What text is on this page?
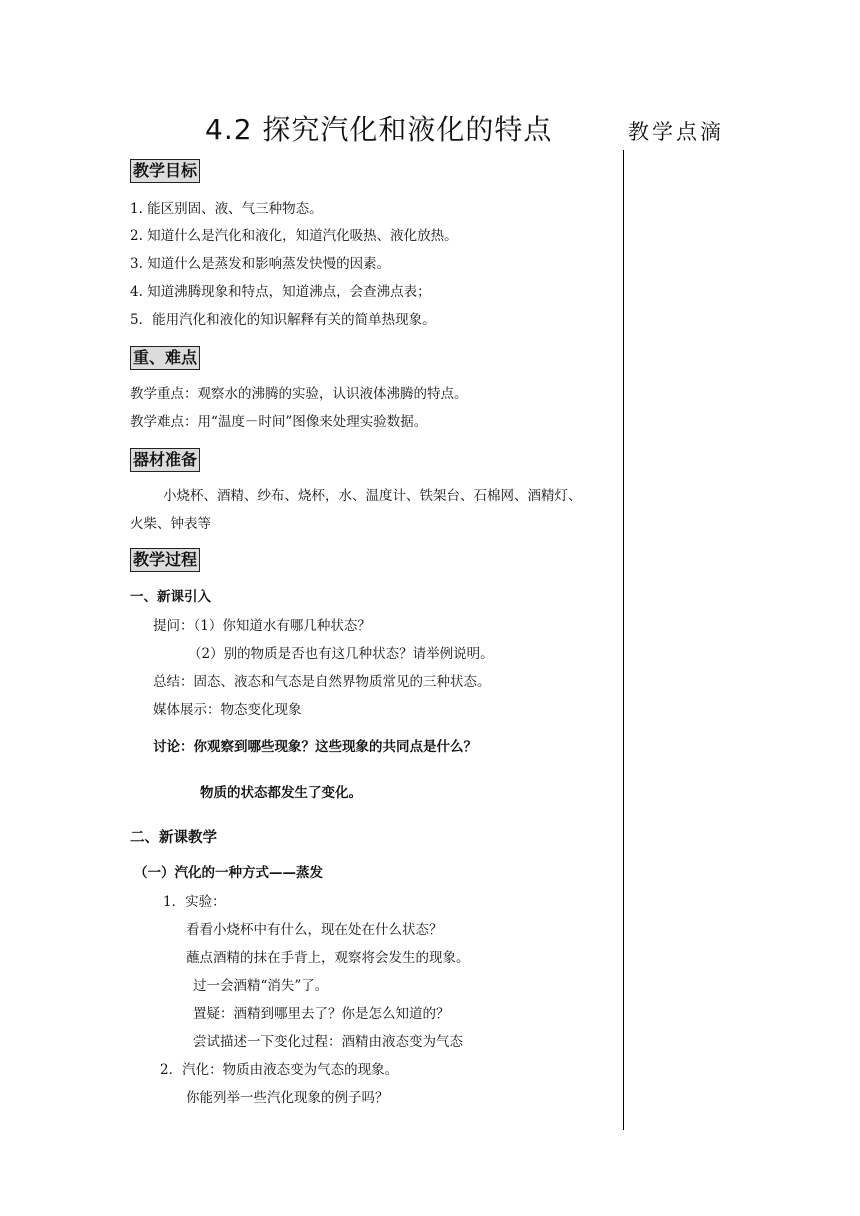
4.2 探究汽化和液化的特点	教学点滴
教学目标
1. 能区别固、液、气三种物态。
2. 知道什么是汽化和液化，知道汽化吸热、液化放热。
3. 知道什么是蒸发和影响蒸发快慢的因素。
4. 知道沸腾现象和特点，知道沸点，会查沸点表；
5．能用汽化和液化的知识解释有关的简单热现象。
重、难点
教学重点：观察水的沸腾的实验，认识液体沸腾的特点。
教学难点：用“温度－时间”图像来处理实验数据。
器材准备
小烧杯、酒精、纱布、烧杯，水、温度计、铁架台、石棉网、酒精灯、
火柴、钟表等
教学过程
一、新课引入
提问：（1）你知道水有哪几种状态？
（2）别的物质是否也有这几种状态？请举例说明。
总结：固态、液态和气态是自然界物质常见的三种状态。
媒体展示：物态变化现象
讨论：你观察到哪些现象？这些现象的共同点是什么？
物质的状态都发生了变化。
二、新课教学
（一）汽化的一种方式——蒸发
1．实验：
看看小烧杯中有什么，现在处在什么状态？
蘸点酒精的抹在手背上，观察将会发生的现象。
过一会酒精“消失”了。
置疑：酒精到哪里去了？你是怎么知道的？
尝试描述一下变化过程：酒精由液态变为气态
2．汽化：物质由液态变为气态的现象。
你能列举一些汽化现象的例子吗？
